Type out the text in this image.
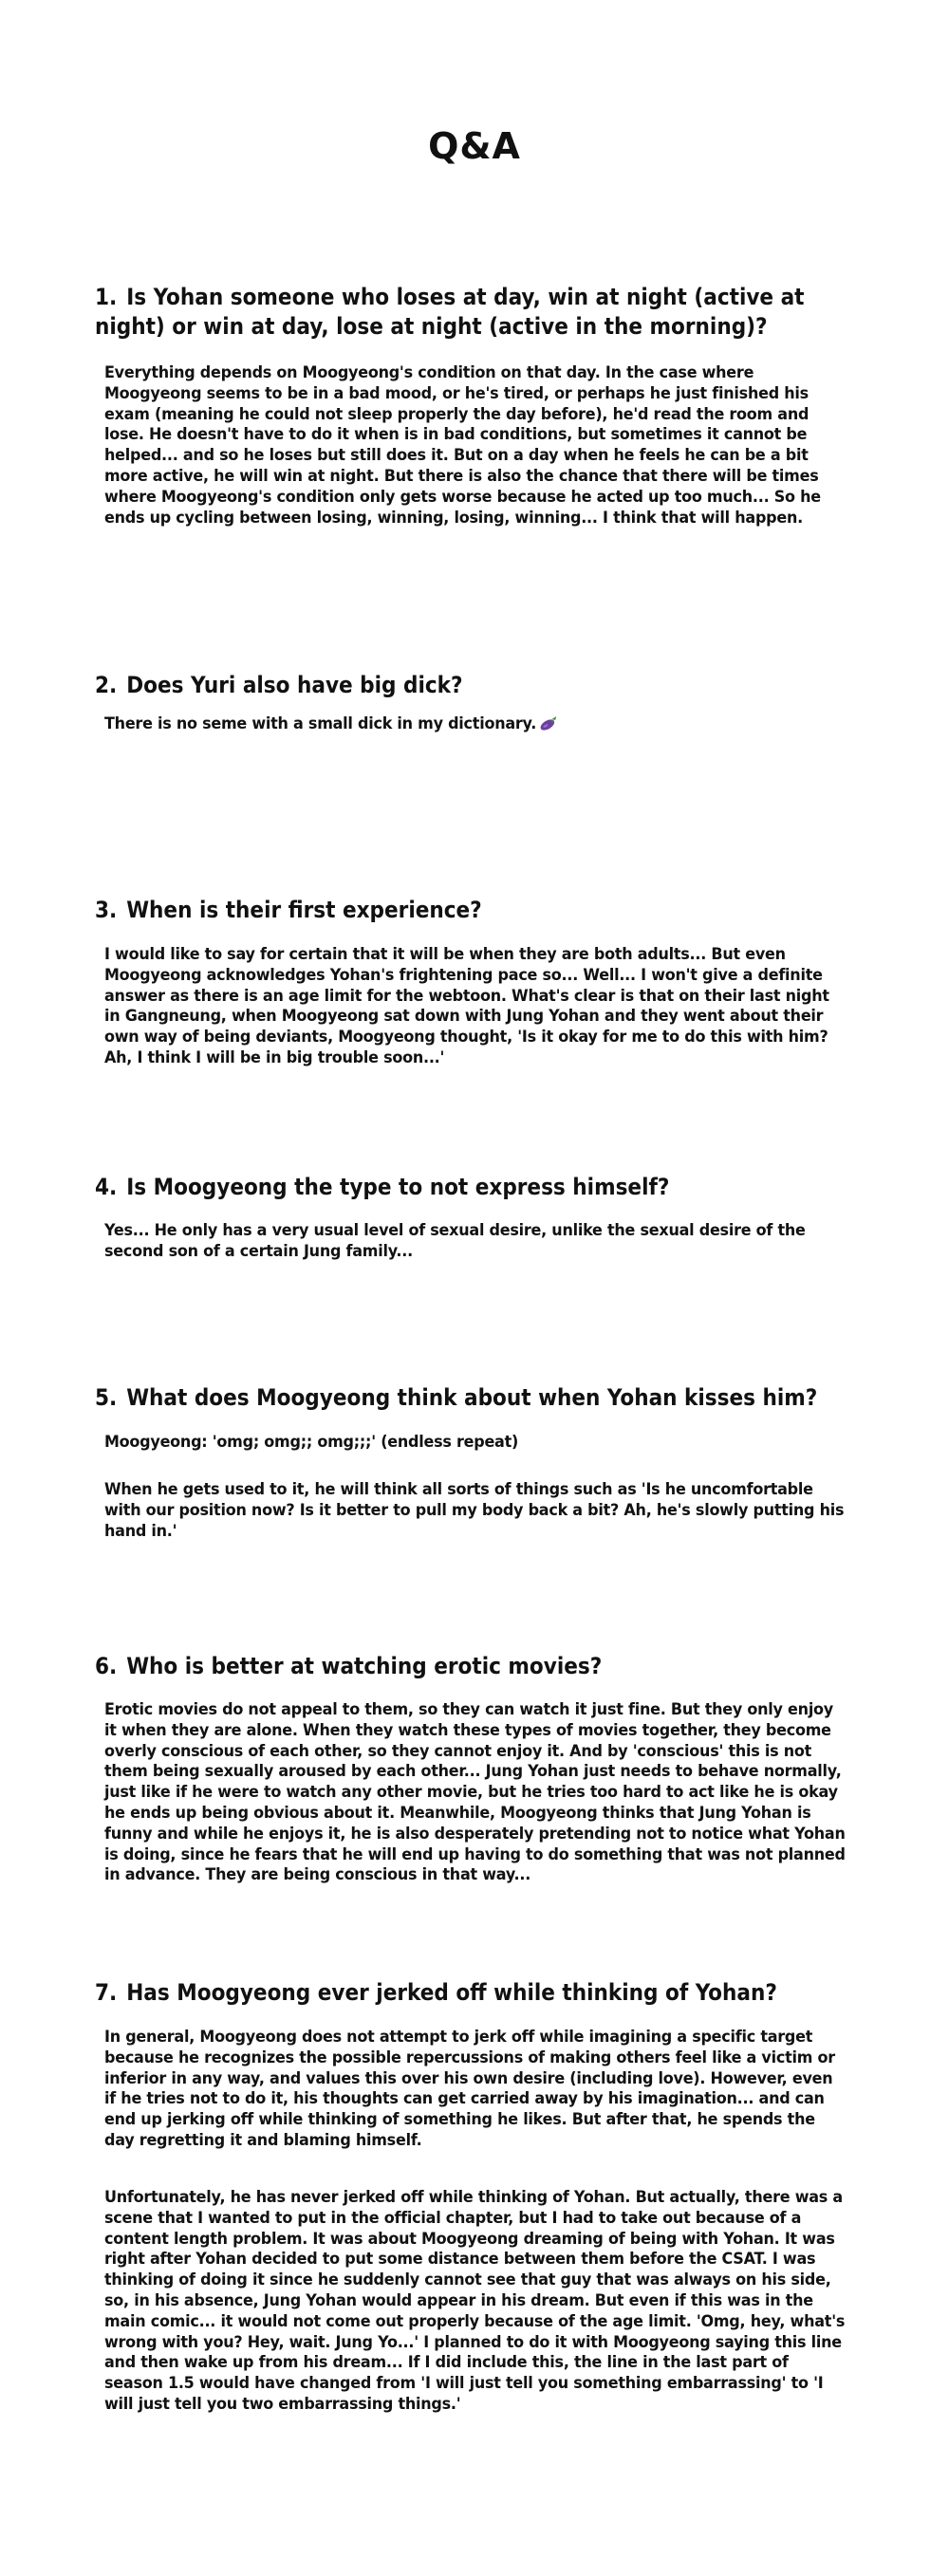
Q&A
1. Is Yohan someone who loses at day, win at night (active at night) or win at day, lose at night (active in the morning)?
Everything depends on Moogyeong's condition on that day. In the case where Moogyeong seems to be in a bad mood, or he's tired, or perhaps he just finished his exam (meaning he could not sleep properly the day before), he'd read the room and lose. He doesn't have to do it when is in bad conditions, but sometimes it cannot be helped... and so he loses but still does it. But on a day when he feels he can be a bit more active, he will win at night. But there is also the chance that there will be times where Moogyeong's condition only gets worse because he acted up too much... So he ends up cycling between losing, winning, losing, winning... I think that will happen.
2. Does Yuri also have big dick?
There is no seme with a small dick in my dictionary.
3. When is their first experience?
I would like to say for certain that it will be when they are both adults... But even Moogyeong acknowledges Yohan's frightening pace so... Well... I won't give a definite answer as there is an age limit for the webtoon. What's clear is that on their last night in Gangneung, when Moogyeong sat down with Jung Yohan and they went about their own way of being deviants, Moogyeong thought, 'Is it okay for me to do this with him? Ah, I think I will be in big trouble soon...'
4. Is Moogyeong the type to not express himself?
Yes... He only has a very usual level of sexual desire, unlike the sexual desire of the second son of a certain Jung family...
5. What does Moogyeong think about when Yohan kisses him?
Moogyeong: 'omg; omg;; omg;;;' (endless repeat)
When he gets used to it, he will think all sorts of things such as 'Is he uncomfortable with our position now? Is it better to pull my body back a bit? Ah, he's slowly putting his hand in.'
6. Who is better at watching erotic movies?
Erotic movies do not appeal to them, so they can watch it just fine. But they only enjoy it when they are alone. When they watch these types of movies together, they become overly conscious of each other, so they cannot enjoy it. And by 'conscious' this is not them being sexually aroused by each other... Jung Yohan just needs to behave normally, just like if he were to watch any other movie, but he tries too hard to act like he is okay he ends up being obvious about it. Meanwhile, Moogyeong thinks that Jung Yohan is funny and while he enjoys it, he is also desperately pretending not to notice what Yohan is doing, since he fears that he will end up having to do something that was not planned in advance. They are being conscious in that way...
7. Has Moogyeong ever jerked off while thinking of Yohan?
In general, Moogyeong does not attempt to jerk off while imagining a specific target because he recognizes the possible repercussions of making others feel like a victim or inferior in any way, and values this over his own desire (including love). However, even if he tries not to do it, his thoughts can get carried away by his imagination... and can end up jerking off while thinking of something he likes. But after that, he spends the day regretting it and blaming himself.
Unfortunately, he has never jerked off while thinking of Yohan. But actually, there was a scene that I wanted to put in the official chapter, but I had to take out because of a content length problem. It was about Moogyeong dreaming of being with Yohan. It was right after Yohan decided to put some distance between them before the CSAT. I was thinking of doing it since he suddenly cannot see that guy that was always on his side, so, in his absence, Jung Yohan would appear in his dream. But even if this was in the main comic... it would not come out properly because of the age limit. 'Omg, hey, what's wrong with you? Hey, wait. Jung Yo...' I planned to do it with Moogyeong saying this line and then wake up from his dream... If I did include this, the line in the last part of season 1.5 would have changed from 'I will just tell you something embarrassing' to 'I will just tell you two embarrassing things.'
